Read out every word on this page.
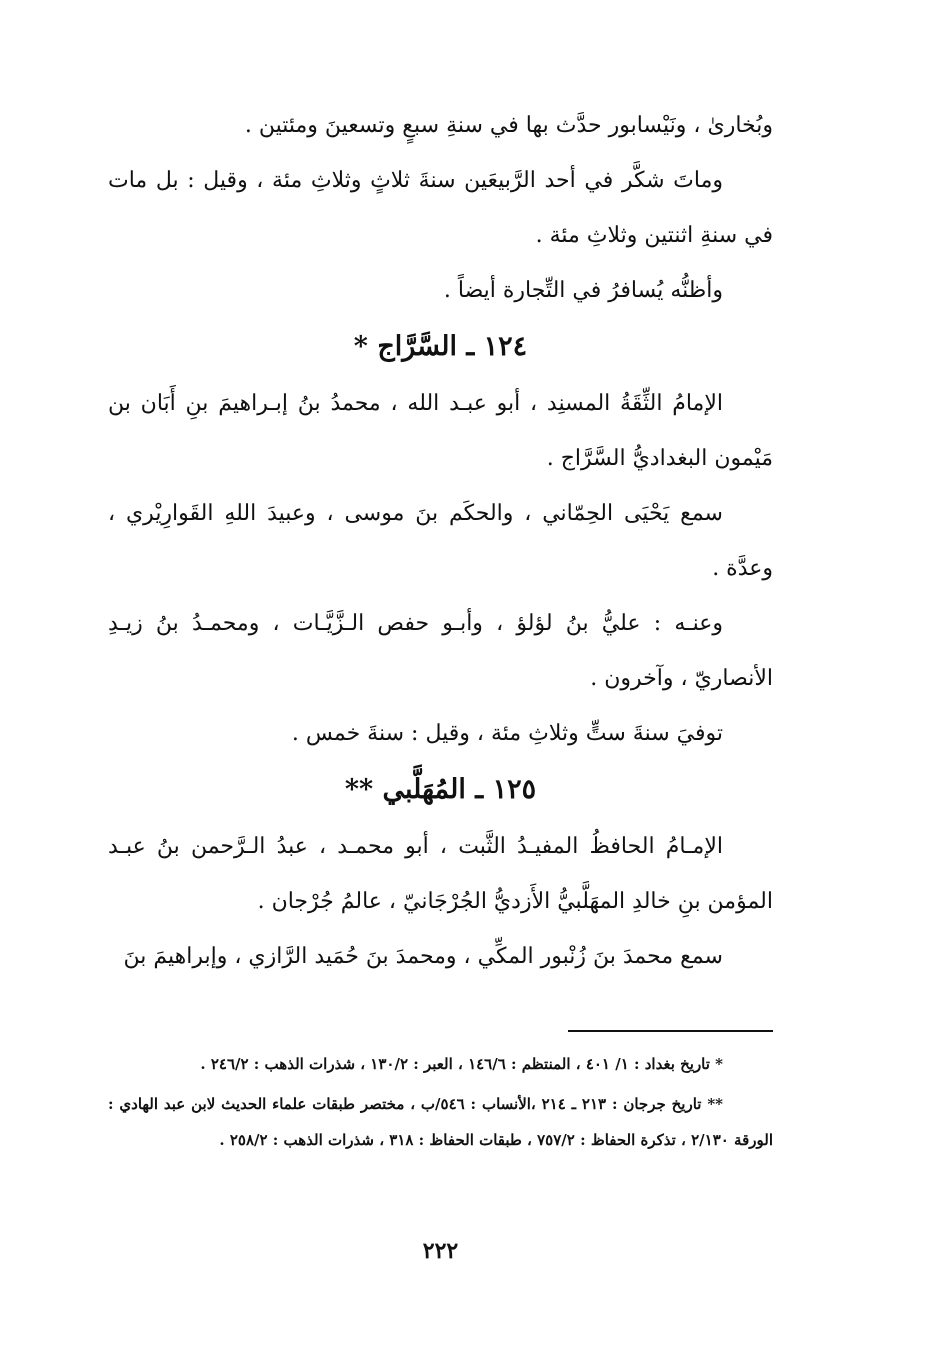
وبُخارىٰ ، ونَيْسابور حدَّث بها في سنةِ سبعٍ وتسعينَ ومئتين .

وماتَ شكَّر في أحد الرَّبيعَين سنةَ ثلاثٍ وثلاثِ مئة ، وقيل : بل مات في سنةِ اثنتين وثلاثِ مئة .

وأظنُّه يُسافرُ في التِّجارة أيضاً .

١٢٤ ـ السَّرَّاج *

الإمامُ الثِّقَةُ المسنِد ، أبو عبـد الله ، محمدُ بنُ إبـراهيمَ بنِ أَبَان بن مَيْمون البغداديُّ السَّرَّاج .

سمع يَحْيَى الحِمّاني ، والحكَم بنَ موسى ، وعبيدَ اللهِ القَوارِيْري ، وعدَّة .

وعنـه : عليُّ بنُ لؤلؤ ، وأبـو حفص الـزَّيَّـات ، ومحمـدُ بنُ زيـدِ الأنصاريّ ، وآخرون .

توفيَ سنةَ ستٍّ وثلاثِ مئة ، وقيل : سنةَ خمس .

١٢٥ ـ المُهَلَّبي **

الإمـامُ الحافظُ المفيـدُ الثَّبت ، أبو محمـد ، عبدُ الـرَّحمن بنُ عبـد المؤمن بنِ خالدِ المهَلَّبيُّ الأَزديُّ الجُرْجَانيّ ، عالمُ جُرْجان .

سمع محمدَ بنَ زُنْبور المكِّي ، ومحمدَ بنَ حُمَيد الرَّازي ، وإبراهيمَ بنَ

* تاريخ بغداد : ١/ ٤٠١ ، المنتظم : ١٤٦/٦ ، العبر : ١٣٠/٢ ، شذرات الذهب : ٢٤٦/٢ .

** تاريخ جرجان : ٢١٣ ـ ٢١٤ ،الأنساب : ٥٤٦/ب ، مختصر طبقات علماء الحديث لابن عبد الهادي : الورقة ٢/١٣٠ ، تذكرة الحفاظ : ٧٥٧/٢ ، طبقات الحفاظ : ٣١٨ ، شذرات الذهب : ٢٥٨/٢ .

٢٢٢
